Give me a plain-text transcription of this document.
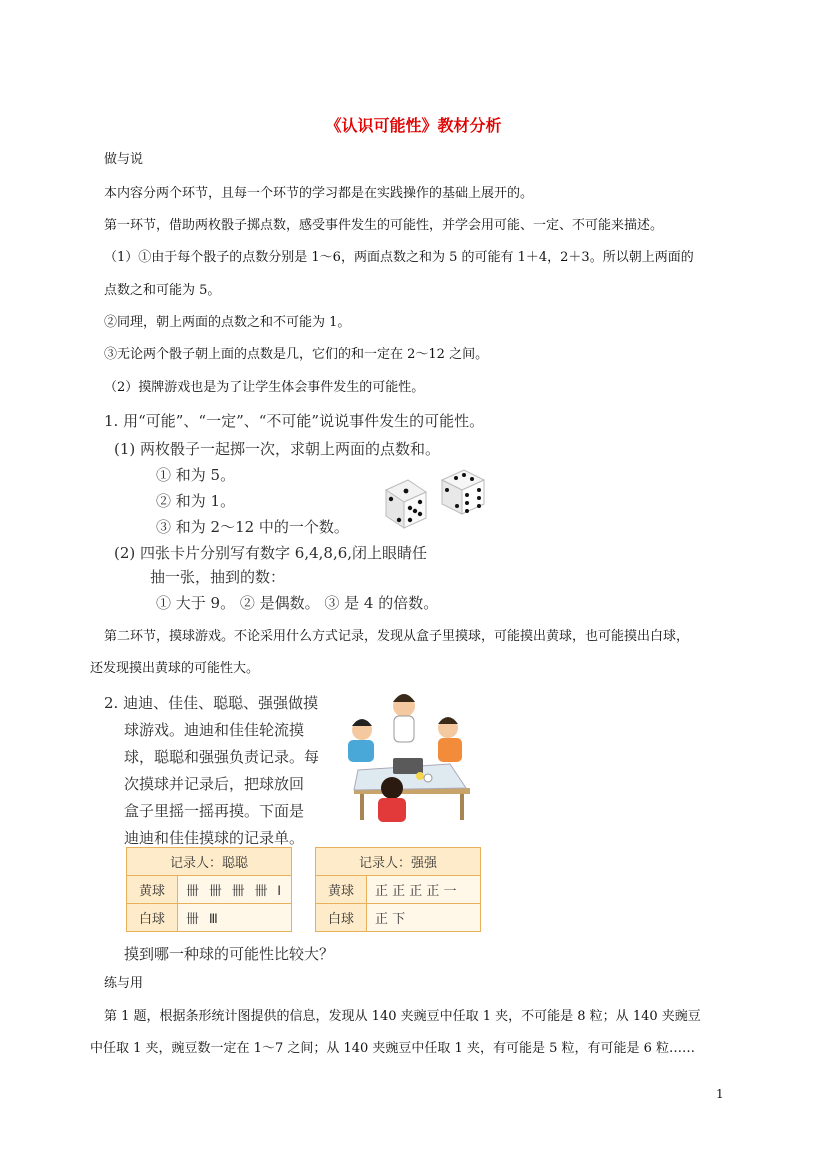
《认识可能性》教材分析
做与说
本内容分两个环节，且每一个环节的学习都是在实践操作的基础上展开的。
第一环节，借助两枚骰子掷点数，感受事件发生的可能性，并学会用可能、一定、不可能来描述。
（1）①由于每个骰子的点数分别是 1～6，两面点数之和为 5 的可能有 1＋4，2＋3。所以朝上两面的
点数之和可能为 5。
②同理，朝上两面的点数之和不可能为 1。
③无论两个骰子朝上面的点数是几，它们的和一定在 2～12 之间。
（2）摸牌游戏也是为了让学生体会事件发生的可能性。
1. 用“可能”、“一定”、“不可能”说说事件发生的可能性。
(1) 两枚骰子一起掷一次，求朝上两面的点数和。
① 和为 5。
② 和为 1。
③ 和为 2～12 中的一个数。
(2) 四张卡片分别写有数字 6,4,8,6,闭上眼睛任
抽一张，抽到的数：
① 大于 9。 ② 是偶数。 ③ 是 4 的倍数。
第二环节，摸球游戏。不论采用什么方式记录，发现从盒子里摸球，可能摸出黄球，也可能摸出白球，
还发现摸出黄球的可能性大。
2. 迪迪、佳佳、聪聪、强强做摸
球游戏。迪迪和佳佳轮流摸
球，聪聪和强强负责记录。每
次摸球并记录后，把球放回
盒子里摇一摇再摸。下面是
迪迪和佳佳摸球的记录单。
记录人：聪聪	
黄球	卌 卌 卌 卌 Ⅰ
白球	卌 Ⅲ
记录人：强强	
黄球	正 正 正 正 一
白球	正 下
摸到哪一种球的可能性比较大？
练与用
第 1 题，根据条形统计图提供的信息，发现从 140 夹豌豆中任取 1 夹，不可能是 8 粒；从 140 夹豌豆
中任取 1 夹，豌豆数一定在 1～7 之间；从 140 夹豌豆中任取 1 夹，有可能是 5 粒，有可能是 6 粒……
1
